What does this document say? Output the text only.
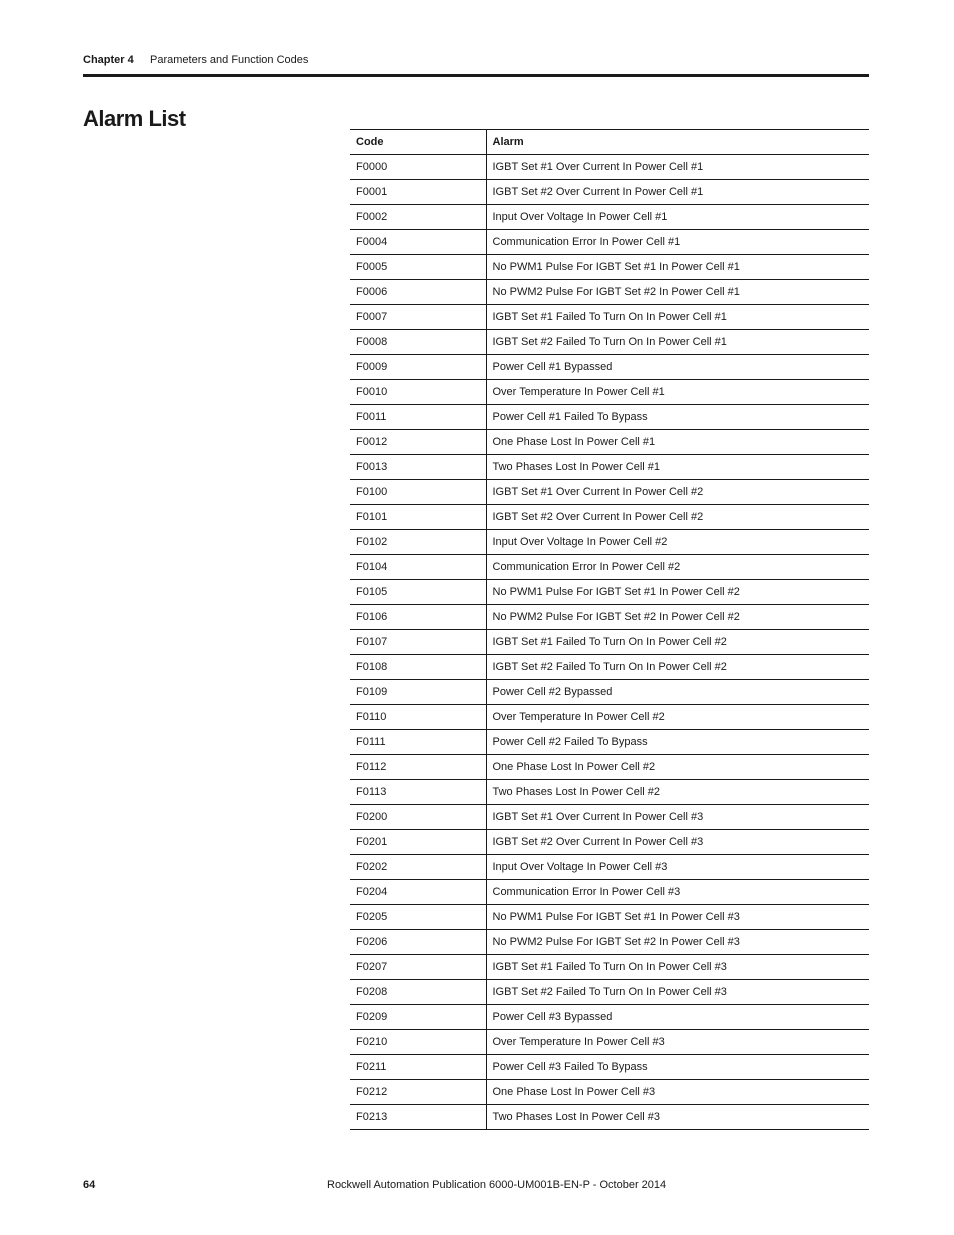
Chapter 4 Parameters and Function Codes
Alarm List
Code	Alarm
F0000	IGBT Set #1 Over Current In Power Cell #1
F0001	IGBT Set #2 Over Current In Power Cell #1
F0002	Input Over Voltage In Power Cell #1
F0004	Communication Error In Power Cell #1
F0005	No PWM1 Pulse For IGBT Set #1 In Power Cell #1
F0006	No PWM2 Pulse For IGBT Set #2 In Power Cell #1
F0007	IGBT Set #1 Failed To Turn On In Power Cell #1
F0008	IGBT Set #2 Failed To Turn On In Power Cell #1
F0009	Power Cell #1 Bypassed
F0010	Over Temperature In Power Cell #1
F0011	Power Cell #1 Failed To Bypass
F0012	One Phase Lost In Power Cell #1
F0013	Two Phases Lost In Power Cell #1
F0100	IGBT Set #1 Over Current In Power Cell #2
F0101	IGBT Set #2 Over Current In Power Cell #2
F0102	Input Over Voltage In Power Cell #2
F0104	Communication Error In Power Cell #2
F0105	No PWM1 Pulse For IGBT Set #1 In Power Cell #2
F0106	No PWM2 Pulse For IGBT Set #2 In Power Cell #2
F0107	IGBT Set #1 Failed To Turn On In Power Cell #2
F0108	IGBT Set #2 Failed To Turn On In Power Cell #2
F0109	Power Cell #2 Bypassed
F0110	Over Temperature In Power Cell #2
F0111	Power Cell #2 Failed To Bypass
F0112	One Phase Lost In Power Cell #2
F0113	Two Phases Lost In Power Cell #2
F0200	IGBT Set #1 Over Current In Power Cell #3
F0201	IGBT Set #2 Over Current In Power Cell #3
F0202	Input Over Voltage In Power Cell #3
F0204	Communication Error In Power Cell #3
F0205	No PWM1 Pulse For IGBT Set #1 In Power Cell #3
F0206	No PWM2 Pulse For IGBT Set #2 In Power Cell #3
F0207	IGBT Set #1 Failed To Turn On In Power Cell #3
F0208	IGBT Set #2 Failed To Turn On In Power Cell #3
F0209	Power Cell #3 Bypassed
F0210	Over Temperature In Power Cell #3
F0211	Power Cell #3 Failed To Bypass
F0212	One Phase Lost In Power Cell #3
F0213	Two Phases Lost In Power Cell #3
64	Rockwell Automation Publication 6000-UM001B-EN-P - October 2014
